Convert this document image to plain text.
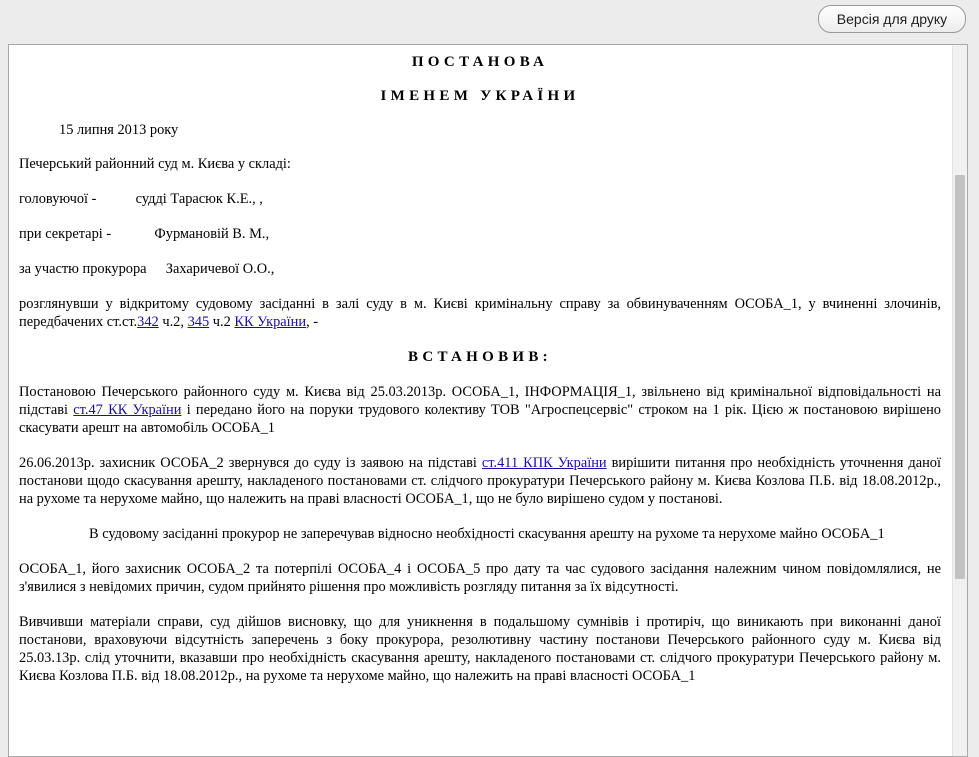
Версія для друку

ПОСТАНОВА

ІМЕНЕМ УКРАЇНИ

15 липня 2013 року

Печерський районний суд м. Києва у складі:

головуючої -	судді Тарасюк К.Е., ,

при секретарі -	Фурмановій В. М.,

за участю прокурора Захаричевої О.О.,

розглянувши у відкритому судовому засіданні в залі суду в м. Києві кримінальну справу за обвинуваченням ОСОБА_1, у вчиненні злочинів, передбачених ст.ст.342 ч.2, 345 ч.2 КК України, -

ВСТАНОВИВ:

Постановою Печерського районного суду м. Києва від 25.03.2013р. ОСОБА_1, ІНФОРМАЦІЯ_1, звільнено від кримінальної відповідальності на підставі ст.47 КК України і передано його на поруки трудового колективу ТОВ "Агроспецсервіс" строком на 1 рік. Цією ж постановою вирішено скасувати арешт на автомобіль ОСОБА_1

26.06.2013р. захисник ОСОБА_2 звернувся до суду із заявою на підставі ст.411 КПК України вирішити питання про необхідність уточнення даної постанови щодо скасування арешту, накладеного постановами ст. слідчого прокуратури Печерського району м. Києва Козлова П.Б. від 18.08.2012р., на рухоме та нерухоме майно, що належить на праві власності ОСОБА_1, що не було вирішено судом у постанові.

В судовому засіданні прокурор не заперечував відносно необхідності скасування арешту на рухоме та нерухоме майно ОСОБА_1

ОСОБА_1, його захисник ОСОБА_2 та потерпілі ОСОБА_4 і ОСОБА_5 про дату та час судового засідання належним чином повідомлялися, не з'явилися з невідомих причин, судом прийнято рішення про можливість розгляду питання за їх відсутності.

Вивчивши матеріали справи, суд дійшов висновку, що для уникнення в подальшому сумнівів і протиріч, що виникають при виконанні даної постанови, враховуючи відсутність заперечень з боку прокурора, резолютивну частину постанови Печерського районного суду м. Києва від 25.03.13р. слід уточнити, вказавши про необхідність скасування арешту, накладеного постановами ст. слідчого прокуратури Печерського району м. Києва Козлова П.Б. від 18.08.2012р., на рухоме та нерухоме майно, що належить на праві власності ОСОБА_1
